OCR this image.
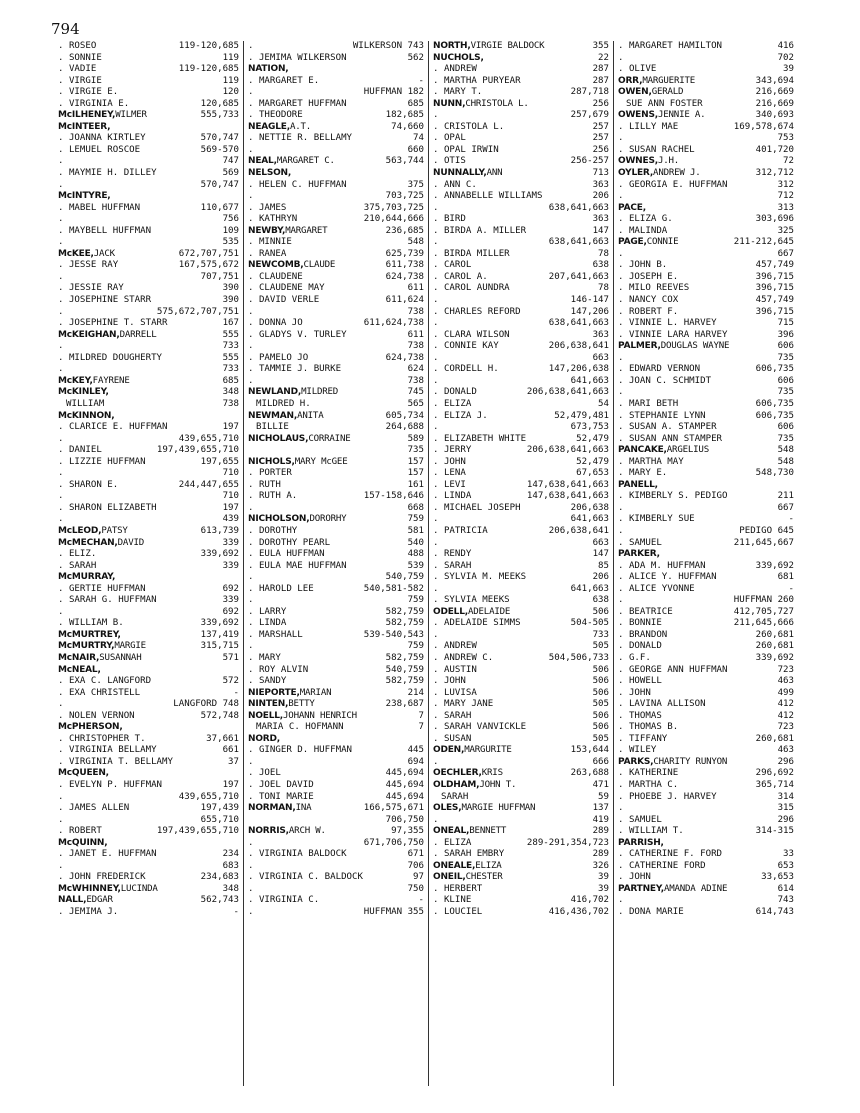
794
. ROSEO	119-120,685
. SONNIE	119
. VADIE	119-120,685
. VIRGIE	119
. VIRGIE E.	120
. VIRGINIA E.	120,685
McILHENEY,WILMER	555,733
McINTEER,
. JOANNA KIRTLEY	570,747
. LEMUEL ROSCOE	569-570
.	747
. MAYMIE H. DILLEY	569
.	570,747
McINTYRE,
. MABEL HUFFMAN	110,677
.	756
. MAYBELL HUFFMAN	109
.	535
McKEE,JACK	672,707,751
. JESSE RAY	167,575,672
.	707,751
. JESSIE RAY	390
. JOSEPHINE STARR	390
.	575,672,707,751
. JOSEPHINE T. STARR	167
McKEIGHAN,DARRELL	555
.	733
. MILDRED DOUGHERTY	555
.	733
McKEY,FAYRENE	685
McKINLEY,	348
WILLIAM	738
McKINNON,
. CLARICE E. HUFFMAN	197
.	439,655,710
. DANIEL	197,439,655,710
. LIZZIE HUFFMAN	197,655
.	710
. SHARON E.	244,447,655
.	710
. SHARON ELIZABETH	197
.	439
McLEOD,PATSY	613,739
McMECHAN,DAVID	339
. ELIZ.	339,692
. SARAH	339
McMURRAY,
. GERTIE HUFFMAN	692
. SARAH G. HUFFMAN	339
.	692
. WILLIAM B.	339,692
McMURTREY,	137,419
McMURTRY,MARGIE	315,715
McNAIR,SUSANNAH	571
McNEAL,
. EXA C. LANGFORD	572
. EXA CHRISTELL	-
.	LANGFORD 748
. NOLEN VERNON	572,748
McPHERSON,
. CHRISTOPHER T.	37,661
. VIRGINIA BELLAMY	661
. VIRGINIA T. BELLAMY	37
McQUEEN,
. EVELYN P. HUFFMAN	197
.	439,655,710
. JAMES ALLEN	197,439
.	655,710
. ROBERT	197,439,655,710
McQUINN,
. JANET E. HUFFMAN	234
.	683
. JOHN FREDERICK	234,683
McWHINNEY,LUCINDA	348
NALL,EDGAR	562,743
. JEMIMA J.	-
.	WILKERSON 743
. JEMIMA WILKERSON	562
NATION,
. MARGARET E.	-
.	HUFFMAN 182
. MARGARET HUFFMAN	685
. THEODORE	182,685
NEAGLE,A.T.	74,660
. NETTIE R. BELLAMY	74
.	660
NEAL,MARGARET C.	563,744
NELSON,
. HELEN C. HUFFMAN	375
.	703,725
. JAMES	375,703,725
. KATHRYN	210,644,666
NEWBY,MARGARET	236,685
. MINNIE	548
. RANEA	625,739
NEWCOMB,CLAUDE	611,738
. CLAUDENE	624,738
. CLAUDENE MAY	611
. DAVID VERLE	611,624
.	738
. DONNA JO	611,624,738
. GLADYS V. TURLEY	611
.	738
. PAMELO JO	624,738
. TAMMIE J. BURKE	624
.	738
NEWLAND,MILDRED	745
MILDRED H.	565
NEWMAN,ANITA	605,734
BILLIE	264,688
NICHOLAUS,CORRAINE	589
735
NICHOLS,MARY McGEE	157
. PORTER	157
. RUTH	161
. RUTH A.	157-158,646
.	668
NICHOLSON,DORORHY	759
. DOROTHY	581
. DOROTHY PEARL	540
. EULA HUFFMAN	488
. EULA MAE HUFFMAN	539
.	540,759
. HAROLD LEE	540,581-582
.	759
. LARRY	582,759
. LINDA	582,759
. MARSHALL	539-540,543
.	759
. MARY	582,759
. ROY ALVIN	540,759
. SANDY	582,759
NIEPORTE,MARIAN	214
NINTEN,BETTY	238,687
NOELL,JOHANN HENRICH	7
MARIA C. HOFMANN	7
NORD,
. GINGER D. HUFFMAN	445
.	694
. JOEL	445,694
. JOEL DAVID	445,694
. TONI MARIE	445,694
NORMAN,INA	166,575,671
706,750
NORRIS,ARCH W.	97,355
.	671,706,750
. VIRGINIA BALDOCK	671
.	706
. VIRGINIA C. BALDOCK	97
.	750
. VIRGINIA C.	-
.	HUFFMAN 355
NORTH,VIRGIE BALDOCK	355
NUCHOLS,	22
. ANDREW	287
. MARTHA PURYEAR	287
. MARY T.	287,718
NUNN,CHRISTOLA L.	256
.	257,679
. CRISTOLA L.	257
. OPAL	257
. OPAL IRWIN	256
. OTIS	256-257
NUNNALLY,ANN	713
. ANN C.	363
. ANNABELLE WILLIAMS	206
.	638,641,663
. BIRD	363
. BIRDA A. MILLER	147
.	638,641,663
. BIRDA MILLER	78
. CAROL	638
. CAROL A.	207,641,663
. CAROL AUNDRA	78
.	146-147
. CHARLES REFORD	147,206
.	638,641,663
. CLARA WILSON	363
. CONNIE KAY	206,638,641
.	663
. CORDELL H.	147,206,638
.	641,663
. DONALD	206,638,641,663
. ELIZA	54
. ELIZA J.	52,479,481
.	673,753
. ELIZABETH WHITE	52,479
. JERRY	206,638,641,663
. JOHN	52,479
. LENA	67,653
. LEVI	147,638,641,663
. LINDA	147,638,641,663
. MICHAEL JOSEPH	206,638
.	641,663
. PATRICIA	206,638,641
.	663
. RENDY	147
. SARAH	85
. SYLVIA M. MEEKS	206
.	641,663
. SYLVIA MEEKS	638
ODELL,ADELAIDE	506
. ADELAIDE SIMMS	504-505
.	733
. ANDREW	505
. ANDREW C.	504,506,733
. AUSTIN	506
. JOHN	506
. LUVISA	506
. MARY JANE	505
. SARAH	506
. SARAH VANVICKLE	506
. SUSAN	505
ODEN,MARGURITE	153,644
.	666
OECHLER,KRIS	263,688
OLDHAM,JOHN T.	471
SARAH	59
OLES,MARGIE HUFFMAN	137
.	419
ONEAL,BENNETT	289
. ELIZA	289-291,354,723
. SARAH EMBRY	289
ONEALE,ELIZA	326
ONEIL,CHESTER	39
. HERBERT	39
. KLINE	416,702
. LOUCIEL	416,436,702
. MARGARET HAMILTON	416
.	702
. OLIVE	39
ORR,MARGUERITE	343,694
OWEN,GERALD	216,669
SUE ANN FOSTER	216,669
OWENS,JENNIE A.	340,693
. LILLY MAE	169,578,674
.	753
. SUSAN RACHEL	401,720
OWNES,J.H.	72
OYLER,ANDREW J.	312,712
. GEORGIA E. HUFFMAN	312
.	712
PACE,	313
. ELIZA G.	303,696
. MALINDA	325
PAGE,CONNIE	211-212,645
.	667
. JOHN B.	457,749
. JOSEPH E.	396,715
. MILO REEVES	396,715
. NANCY COX	457,749
. ROBERT F.	396,715
. VINNIE L. HARVEY	715
. VINNIE LARA HARVEY	396
PALMER,DOUGLAS WAYNE	606
.	735
. EDWARD VERNON	606,735
. JOAN C. SCHMIDT	606
.	735
. MARI BETH	606,735
. STEPHANIE LYNN	606,735
. SUSAN A. STAMPER	606
. SUSAN ANN STAMPER	735
PANCAKE,ARGELIUS	548
. MARTHA MAY	548
. MARY E.	548,730
PANELL,
. KIMBERLY S. PEDIGO	211
.	667
. KIMBERLY SUE	-
.	PEDIGO 645
. SAMUEL	211,645,667
PARKER,
. ADA M. HUFFMAN	339,692
. ALICE Y. HUFFMAN	681
. ALICE YVONNE	-
.	HUFFMAN 260
. BEATRICE	412,705,727
. BONNIE	211,645,666
. BRANDON	260,681
. DONALD	260,681
. G.F.	339,692
. GEORGE ANN HUFFMAN	723
. HOWELL	463
. JOHN	499
. LAVINA ALLISON	412
. THOMAS	412
. THOMAS B.	723
. TIFFANY	260,681
. WILEY	463
PARKS,CHARITY RUNYON	296
. KATHERINE	296,692
. MARTHA C.	365,714
. PHOEBE J. HARVEY	314
.	315
. SAMUEL	296
. WILLIAM T.	314-315
PARRISH,
. CATHERINE F. FORD	33
. CATHERINE FORD	653
. JOHN	33,653
PARTNEY,AMANDA ADINE	614
.	743
. DONA MARIE	614,743
